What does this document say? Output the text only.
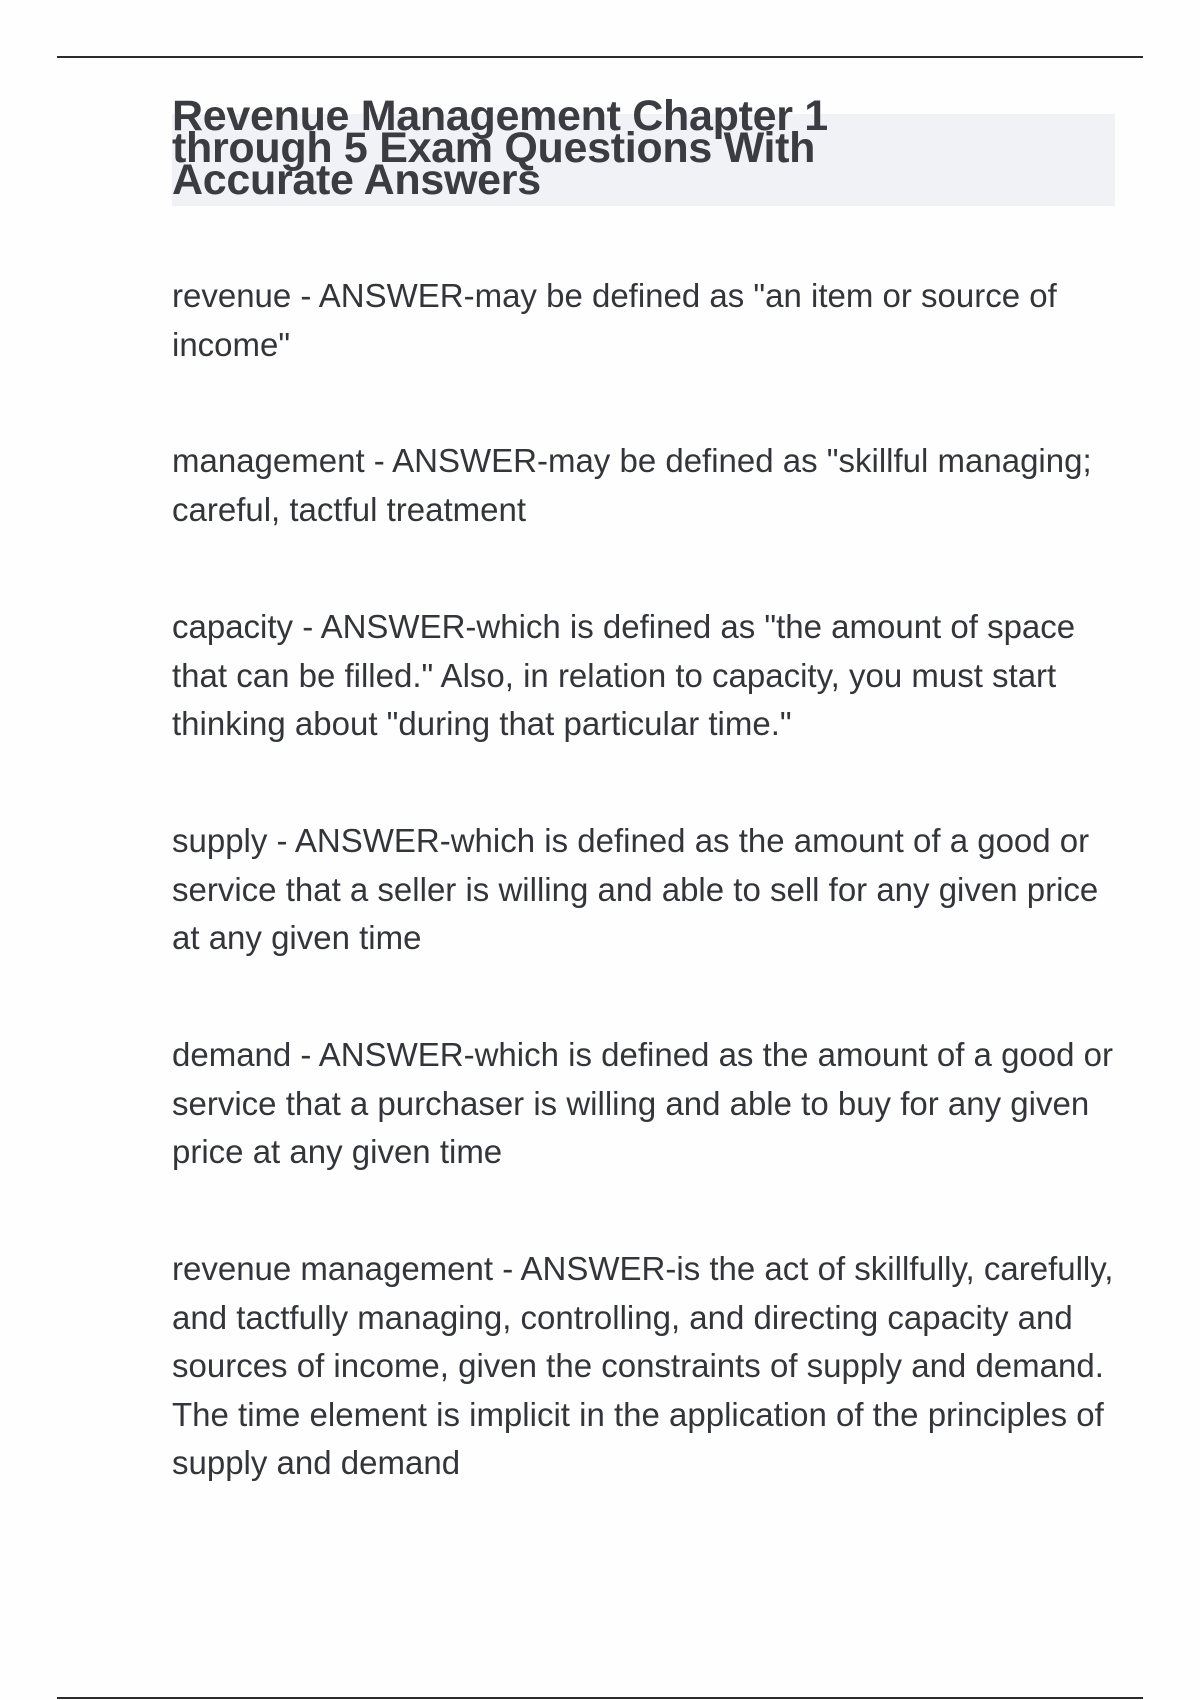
Revenue Management Chapter 1 through 5 Exam Questions With Accurate Answers

revenue - ANSWER-may be defined as "an item or source of income"

management - ANSWER-may be defined as "skillful managing; careful, tactful treatment

capacity - ANSWER-which is defined as "the amount of space that can be filled." Also, in relation to capacity, you must start thinking about "during that particular time."

supply - ANSWER-which is defined as the amount of a good or service that a seller is willing and able to sell for any given price at any given time

demand - ANSWER-which is defined as the amount of a good or service that a purchaser is willing and able to buy for any given price at any given time

revenue management - ANSWER-is the act of skillfully, carefully, and tactfully managing, controlling, and directing capacity and sources of income, given the constraints of supply and demand. The time element is implicit in the application of the principles of supply and demand
